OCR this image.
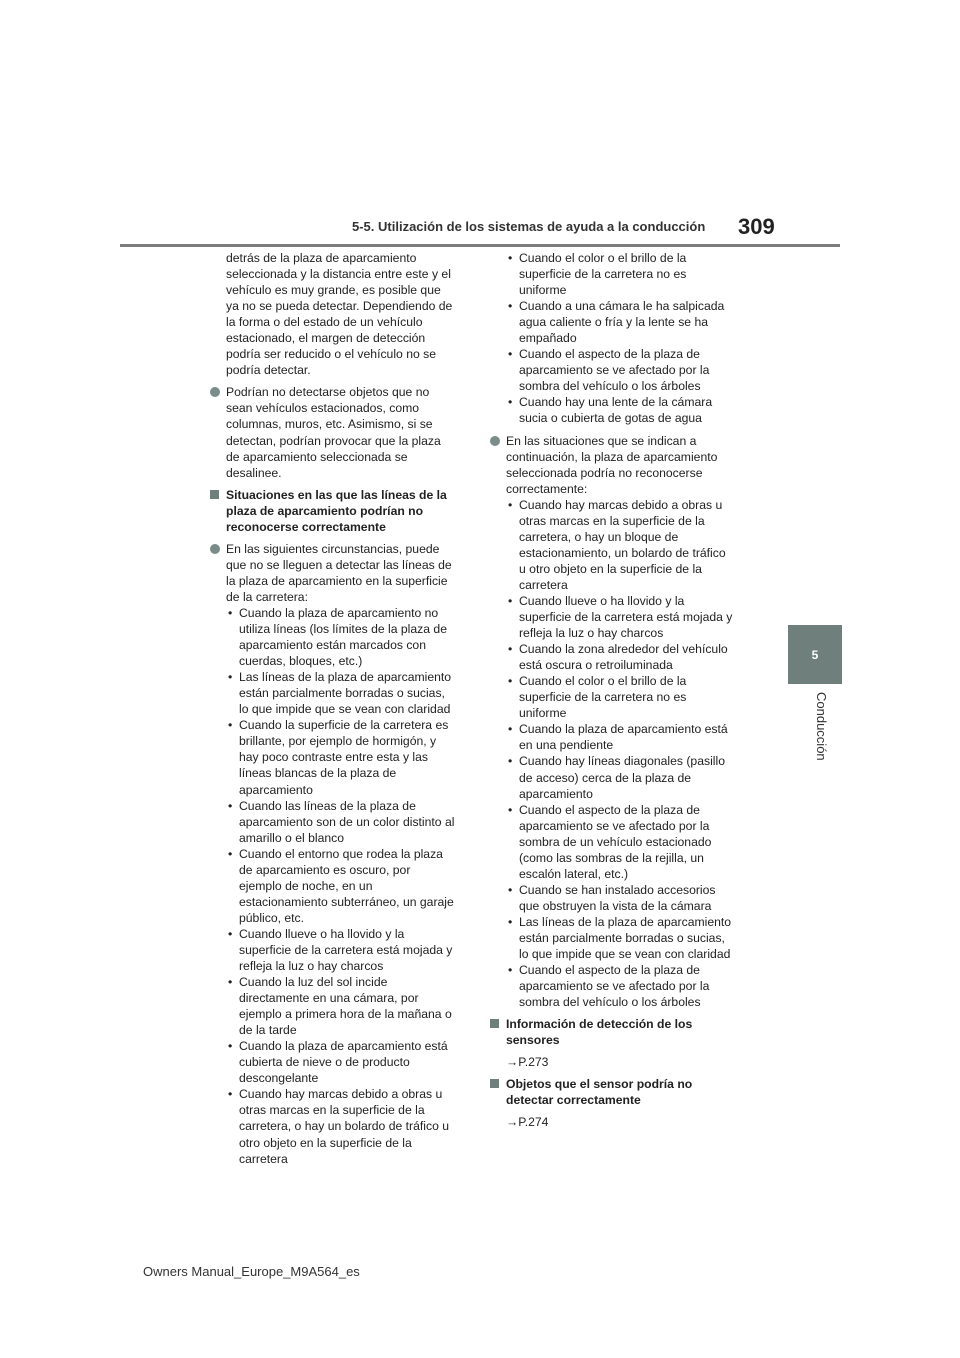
5-5. Utilización de los sistemas de ayuda a la conducción 309
5
Conducción

detrás de la plaza de aparcamiento seleccionada y la distancia entre este y el vehículo es muy grande, es posible que ya no se pueda detectar. Dependiendo de la forma o del estado de un vehículo estacionado, el margen de detección podría ser reducido o el vehículo no se podría detectar.

Podrían no detectarse objetos que no sean vehículos estacionados, como columnas, muros, etc. Asimismo, si se detectan, podrían provocar que la plaza de aparcamiento seleccionada se desalinee.
Situaciones en las que las líneas de la plaza de aparcamiento podrían no reconocerse correctamente
En las siguientes circunstancias, puede que no se lleguen a detectar las líneas de la plaza de aparcamiento en la superficie de la carretera:
• Cuando la plaza de aparcamiento no utiliza líneas (los límites de la plaza de aparcamiento están marcados con cuerdas, bloques, etc.)
• Las líneas de la plaza de aparcamiento están parcialmente borradas o sucias, lo que impide que se vean con claridad
• Cuando la superficie de la carretera es brillante, por ejemplo de hormigón, y hay poco contraste entre esta y las líneas blancas de la plaza de aparcamiento
• Cuando las líneas de la plaza de aparcamiento son de un color distinto al amarillo o el blanco
• Cuando el entorno que rodea la plaza de aparcamiento es oscuro, por ejemplo de noche, en un estacionamiento subterráneo, un garaje público, etc.
• Cuando llueve o ha llovido y la superficie de la carretera está mojada y refleja la luz o hay charcos
• Cuando la luz del sol incide directamente en una cámara, por ejemplo a primera hora de la mañana o de la tarde
• Cuando la plaza de aparcamiento está cubierta de nieve o de producto descongelante
• Cuando hay marcas debido a obras u otras marcas en la superficie de la carretera, o hay un bolardo de tráfico u otro objeto en la superficie de la carretera
• Cuando el color o el brillo de la superficie de la carretera no es uniforme
• Cuando a una cámara le ha salpicada agua caliente o fría y la lente se ha empañado
• Cuando el aspecto de la plaza de aparcamiento se ve afectado por la sombra del vehículo o los árboles
• Cuando hay una lente de la cámara sucia o cubierta de gotas de agua
En las situaciones que se indican a continuación, la plaza de aparcamiento seleccionada podría no reconocerse correctamente:
• Cuando hay marcas debido a obras u otras marcas en la superficie de la carretera, o hay un bloque de estacionamiento, un bolardo de tráfico u otro objeto en la superficie de la carretera
• Cuando llueve o ha llovido y la superficie de la carretera está mojada y refleja la luz o hay charcos
• Cuando la zona alrededor del vehículo está oscura o retroiluminada
• Cuando el color o el brillo de la superficie de la carretera no es uniforme
• Cuando la plaza de aparcamiento está en una pendiente
• Cuando hay líneas diagonales (pasillo de acceso) cerca de la plaza de aparcamiento
• Cuando el aspecto de la plaza de aparcamiento se ve afectado por la sombra de un vehículo estacionado (como las sombras de la rejilla, un escalón lateral, etc.)
• Cuando se han instalado accesorios que obstruyen la vista de la cámara
• Las líneas de la plaza de aparcamiento están parcialmente borradas o sucias, lo que impide que se vean con claridad
• Cuando el aspecto de la plaza de aparcamiento se ve afectado por la sombra del vehículo o los árboles
Información de detección de los sensores
→P.273
Objetos que el sensor podría no detectar correctamente
→P.274
Owners Manual_Europe_M9A564_es
